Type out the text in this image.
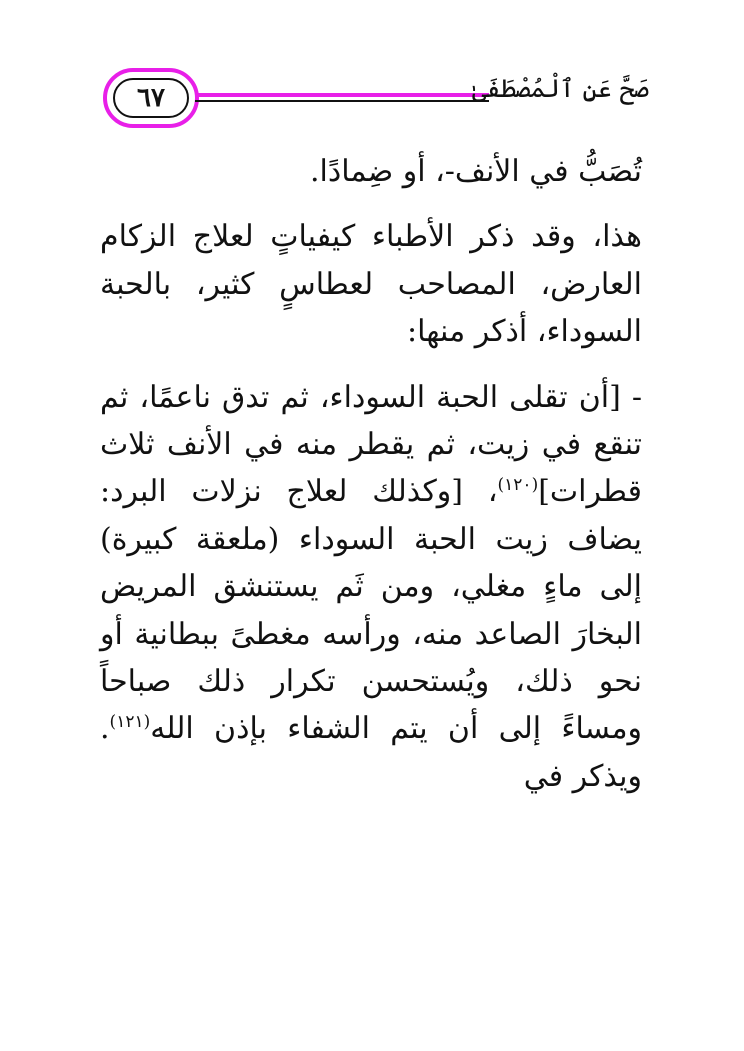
٦٧	صَحَّ عَنِ ٱلْمُصْطَفَىٰ

تُصَبُّ في الأنف-، أو ضِمادًا.

هذا، وقد ذكر الأطباء كيفياتٍ لعلاج الزكام العارض، المصاحب لعطاسٍ كثير، بالحبة السوداء، أذكر منها:

- [أن تقلى الحبة السوداء، ثم تدق ناعمًا، ثم تنقع في زيت، ثم يقطر منه في الأنف ثلاث قطرات]$^{(١٢٠)}$، [وكذلك لعلاج نزلات البرد: يضاف زيت الحبة السوداء (ملعقة كبيرة) إلى ماءٍ مغلي، ومن ثَم يستنشق المريض البخارَ الصاعد منه، ورأسه مغطىً ببطانية أو نحو ذلك، ويُستحسن تكرار ذلك صباحاً ومساءً إلى أن يتم الشفاء بإذن الله$^{(١٢١)}$. ويذكر في
